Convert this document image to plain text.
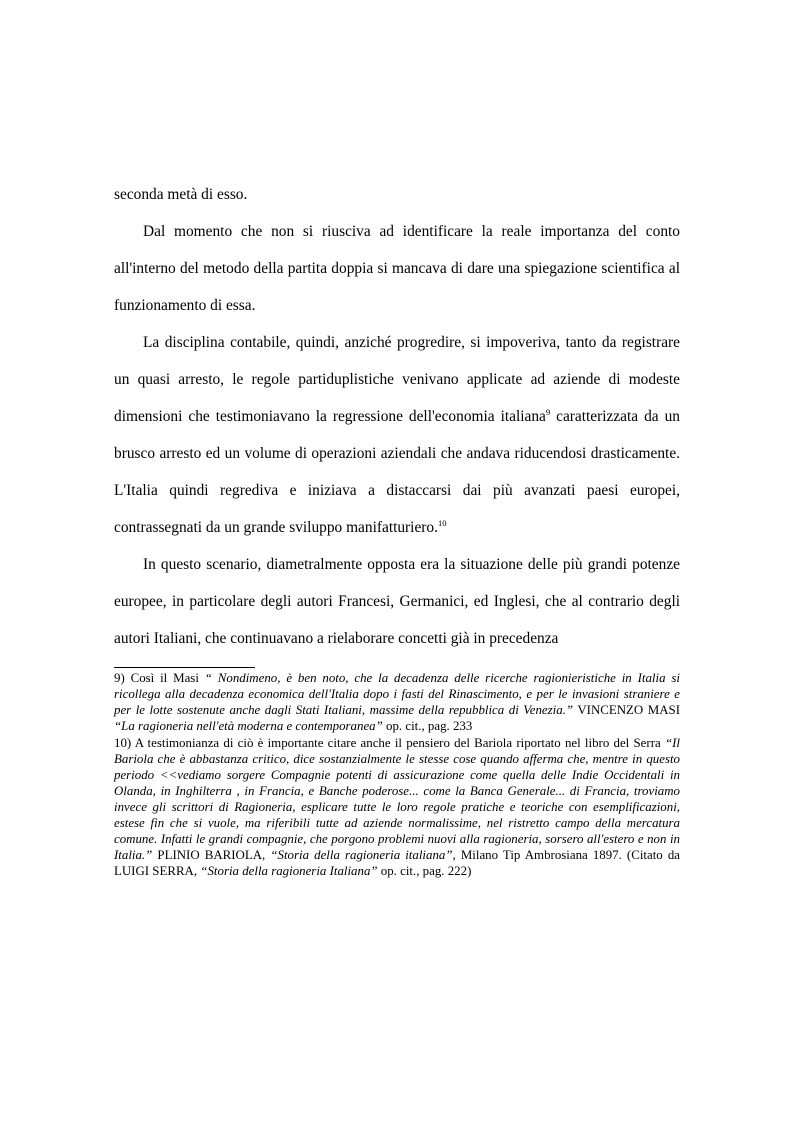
seconda metà di esso.

Dal momento che non si riusciva ad identificare la reale importanza del conto all'interno del metodo della partita doppia si mancava di dare una spiegazione scientifica al funzionamento di essa.

La disciplina contabile, quindi, anziché progredire, si impoveriva, tanto da registrare un quasi arresto, le regole partiduplistiche venivano applicate ad aziende di modeste dimensioni che testimoniavano la regressione dell'economia italiana$^9$ caratterizzata da un brusco arresto ed un volume di operazioni aziendali che andava riducendosi drasticamente. L'Italia quindi regrediva e iniziava a distaccarsi dai più avanzati paesi europei, contrassegnati da un grande sviluppo manifatturiero.$^{10}$

In questo scenario, diametralmente opposta era la situazione delle più grandi potenze europee, in particolare degli autori Francesi, Germanici, ed Inglesi, che al contrario degli autori Italiani, che continuavano a rielaborare concetti già in precedenza

9) Così il Masi “ Nondimeno, è ben noto, che la decadenza delle ricerche ragionieristiche in Italia si ricollega alla decadenza economica dell'Italia dopo i fasti del Rinascimento, e per le invasioni straniere e per le lotte sostenute anche dagli Stati Italiani, massime della repubblica di Venezia.” VINCENZO MASI “La ragioneria nell'età moderna e contemporanea” op. cit., pag. 233

10) A testimonianza di ciò è importante citare anche il pensiero del Bariola riportato nel libro del Serra “Il Bariola che è abbastanza critico, dice sostanzialmente le stesse cose quando afferma che, mentre in questo periodo <<vediamo sorgere Compagnie potenti di assicurazione come quella delle Indie Occidentali in Olanda, in Inghilterra , in Francia, e Banche poderose... come la Banca Generale... di Francia, troviamo invece gli scrittori di Ragioneria, esplicare tutte le loro regole pratiche e teoriche con esemplificazioni, estese fin che si vuole, ma riferibili tutte ad aziende normalissime, nel ristretto campo della mercatura comune. Infatti le grandi compagnie, che porgono problemi nuovi alla ragioneria, sorsero all'estero e non in Italia.” PLINIO BARIOLA, “Storia della ragioneria italiana”, Milano Tip Ambrosiana 1897. (Citato da LUIGI SERRA, “Storia della ragioneria Italiana” op. cit., pag. 222)
